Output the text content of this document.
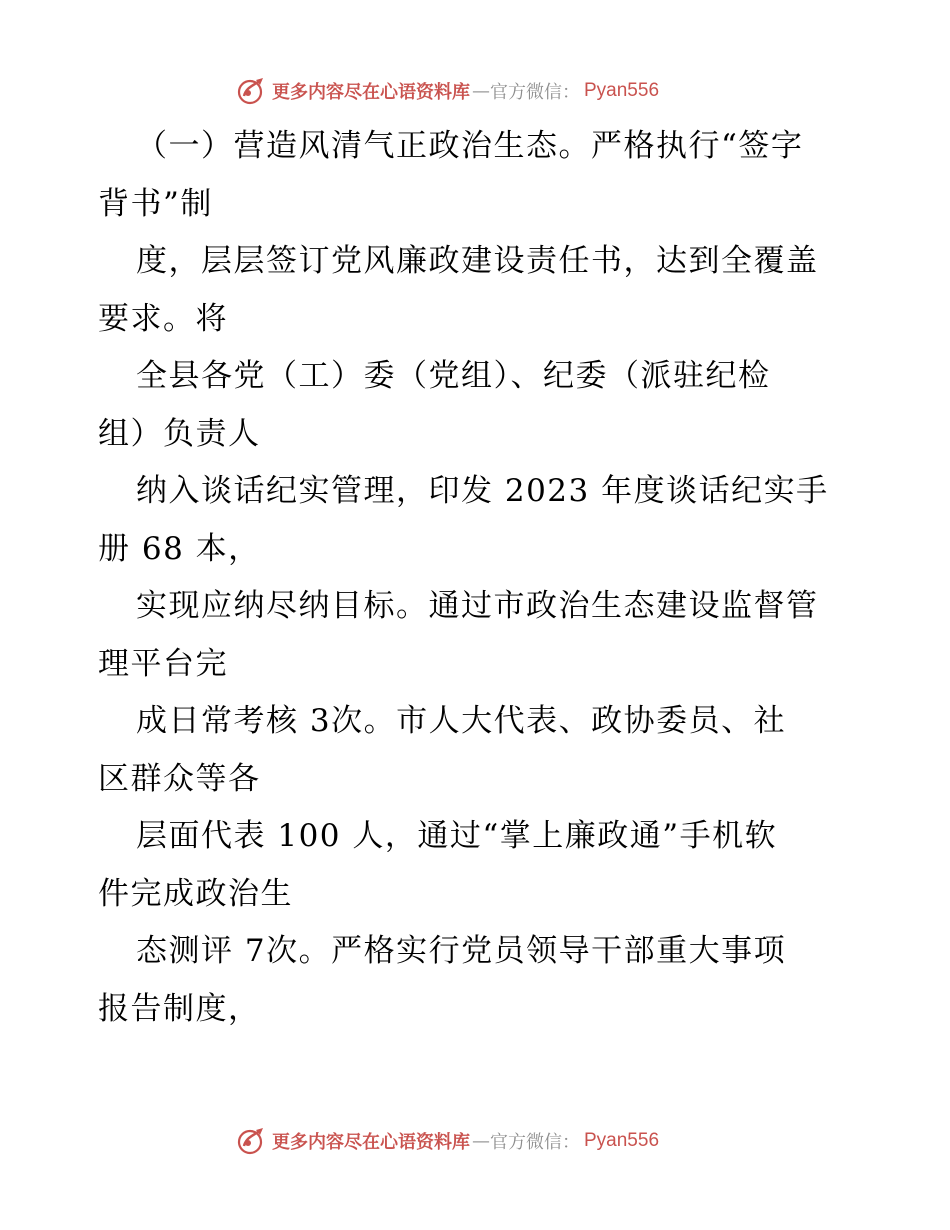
更多内容尽在心语资料库 — 官方微信： Pyan556
（一）营造风清气正政治生态。严格执行“签字
背书”制
度，层层签订党风廉政建设责任书，达到全覆盖
要求。将
全县各党（工）委（党组）、纪委（派驻纪检
组）负责人
纳入谈话纪实管理，印发 2023 年度谈话纪实手
册 68 本，
实现应纳尽纳目标。通过市政治生态建设监督管
理平台完
成日常考核 3次。市人大代表、政协委员、社
区群众等各
层面代表 100 人，通过“掌上廉政通”手机软
件完成政治生
态测评 7次。严格实行党员领导干部重大事项
报告制度，
更多内容尽在心语资料库 — 官方微信： Pyan556
